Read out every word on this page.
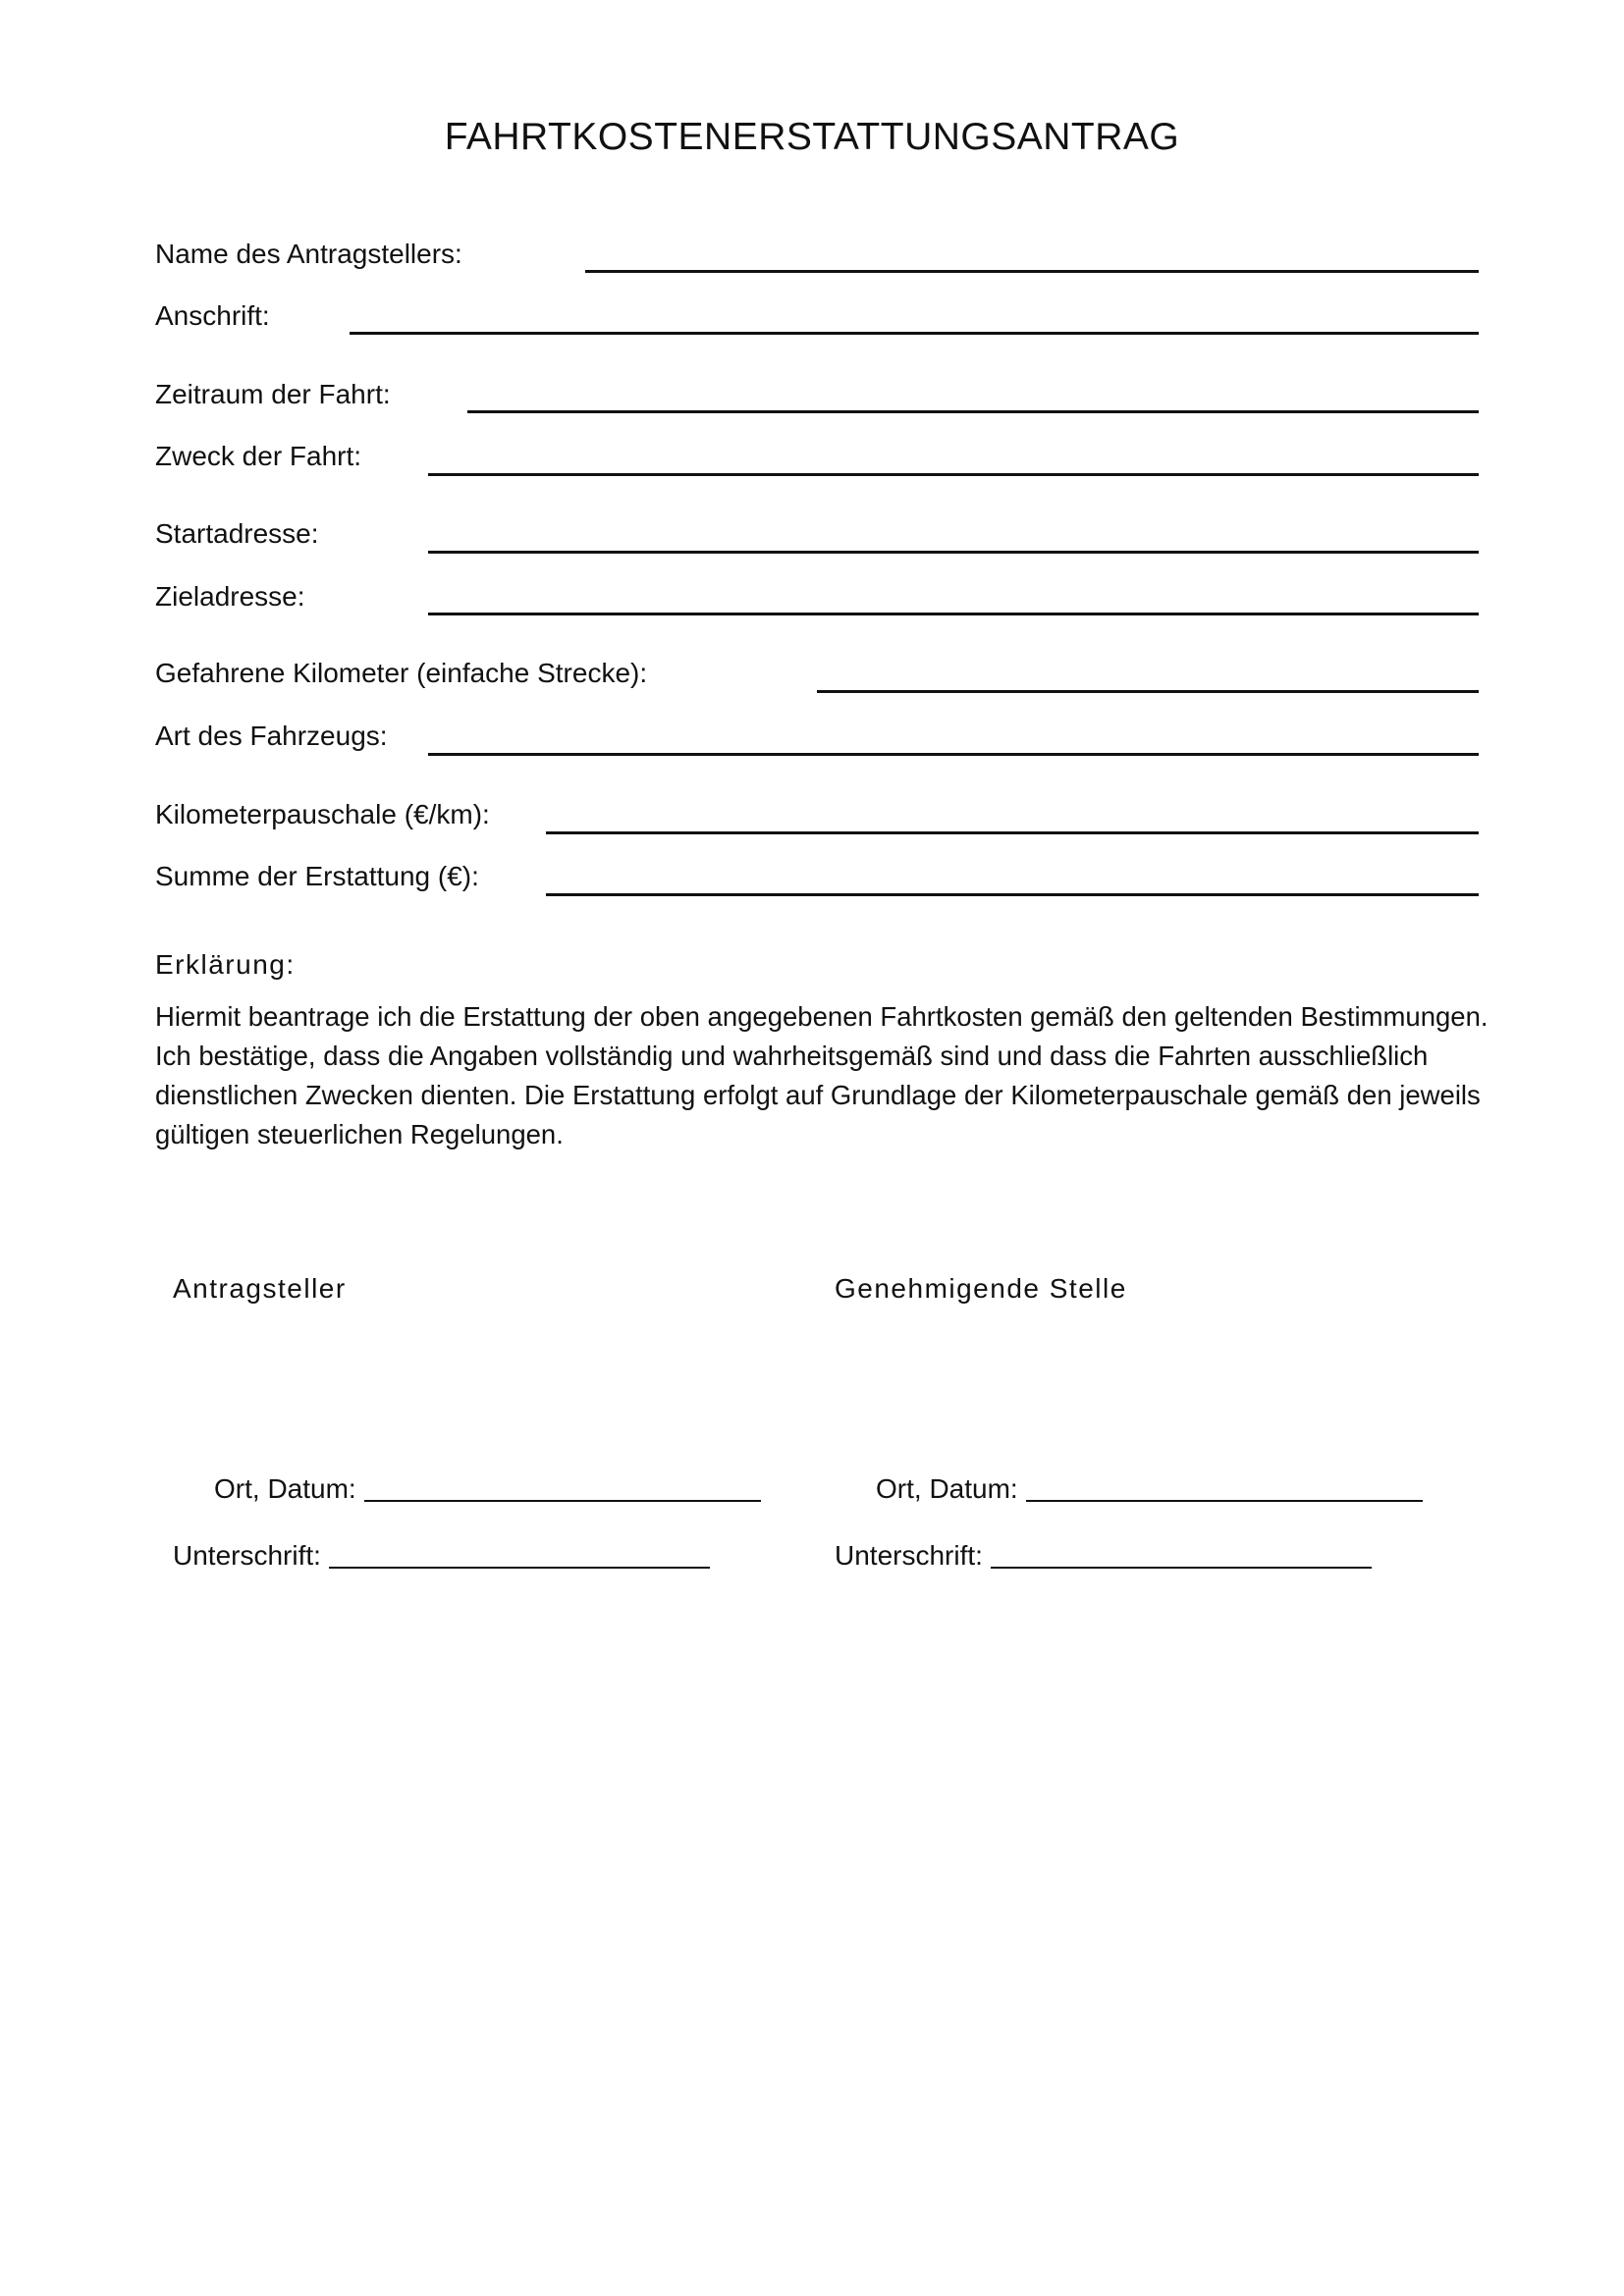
FAHRTKOSTENERSTATTUNGSANTRAG
Name des Antragstellers:
Anschrift:
Zeitraum der Fahrt:
Zweck der Fahrt:
Startadresse:
Zieladresse:
Gefahrene Kilometer (einfache Strecke):
Art des Fahrzeugs:
Kilometerpauschale (€/km):
Summe der Erstattung (€):
Erklärung:
Hiermit beantrage ich die Erstattung der oben angegebenen Fahrtkosten gemäß den geltenden Bestimmungen. Ich bestätige, dass die Angaben vollständig und wahrheitsgemäß sind und dass die Fahrten ausschließlich dienstlichen Zwecken dienten. Die Erstattung erfolgt auf Grundlage der Kilometerpauschale gemäß den jeweils gültigen steuerlichen Regelungen.
Antragsteller
Ort, Datum:
Unterschrift:
Genehmigende Stelle
Ort, Datum:
Unterschrift:
